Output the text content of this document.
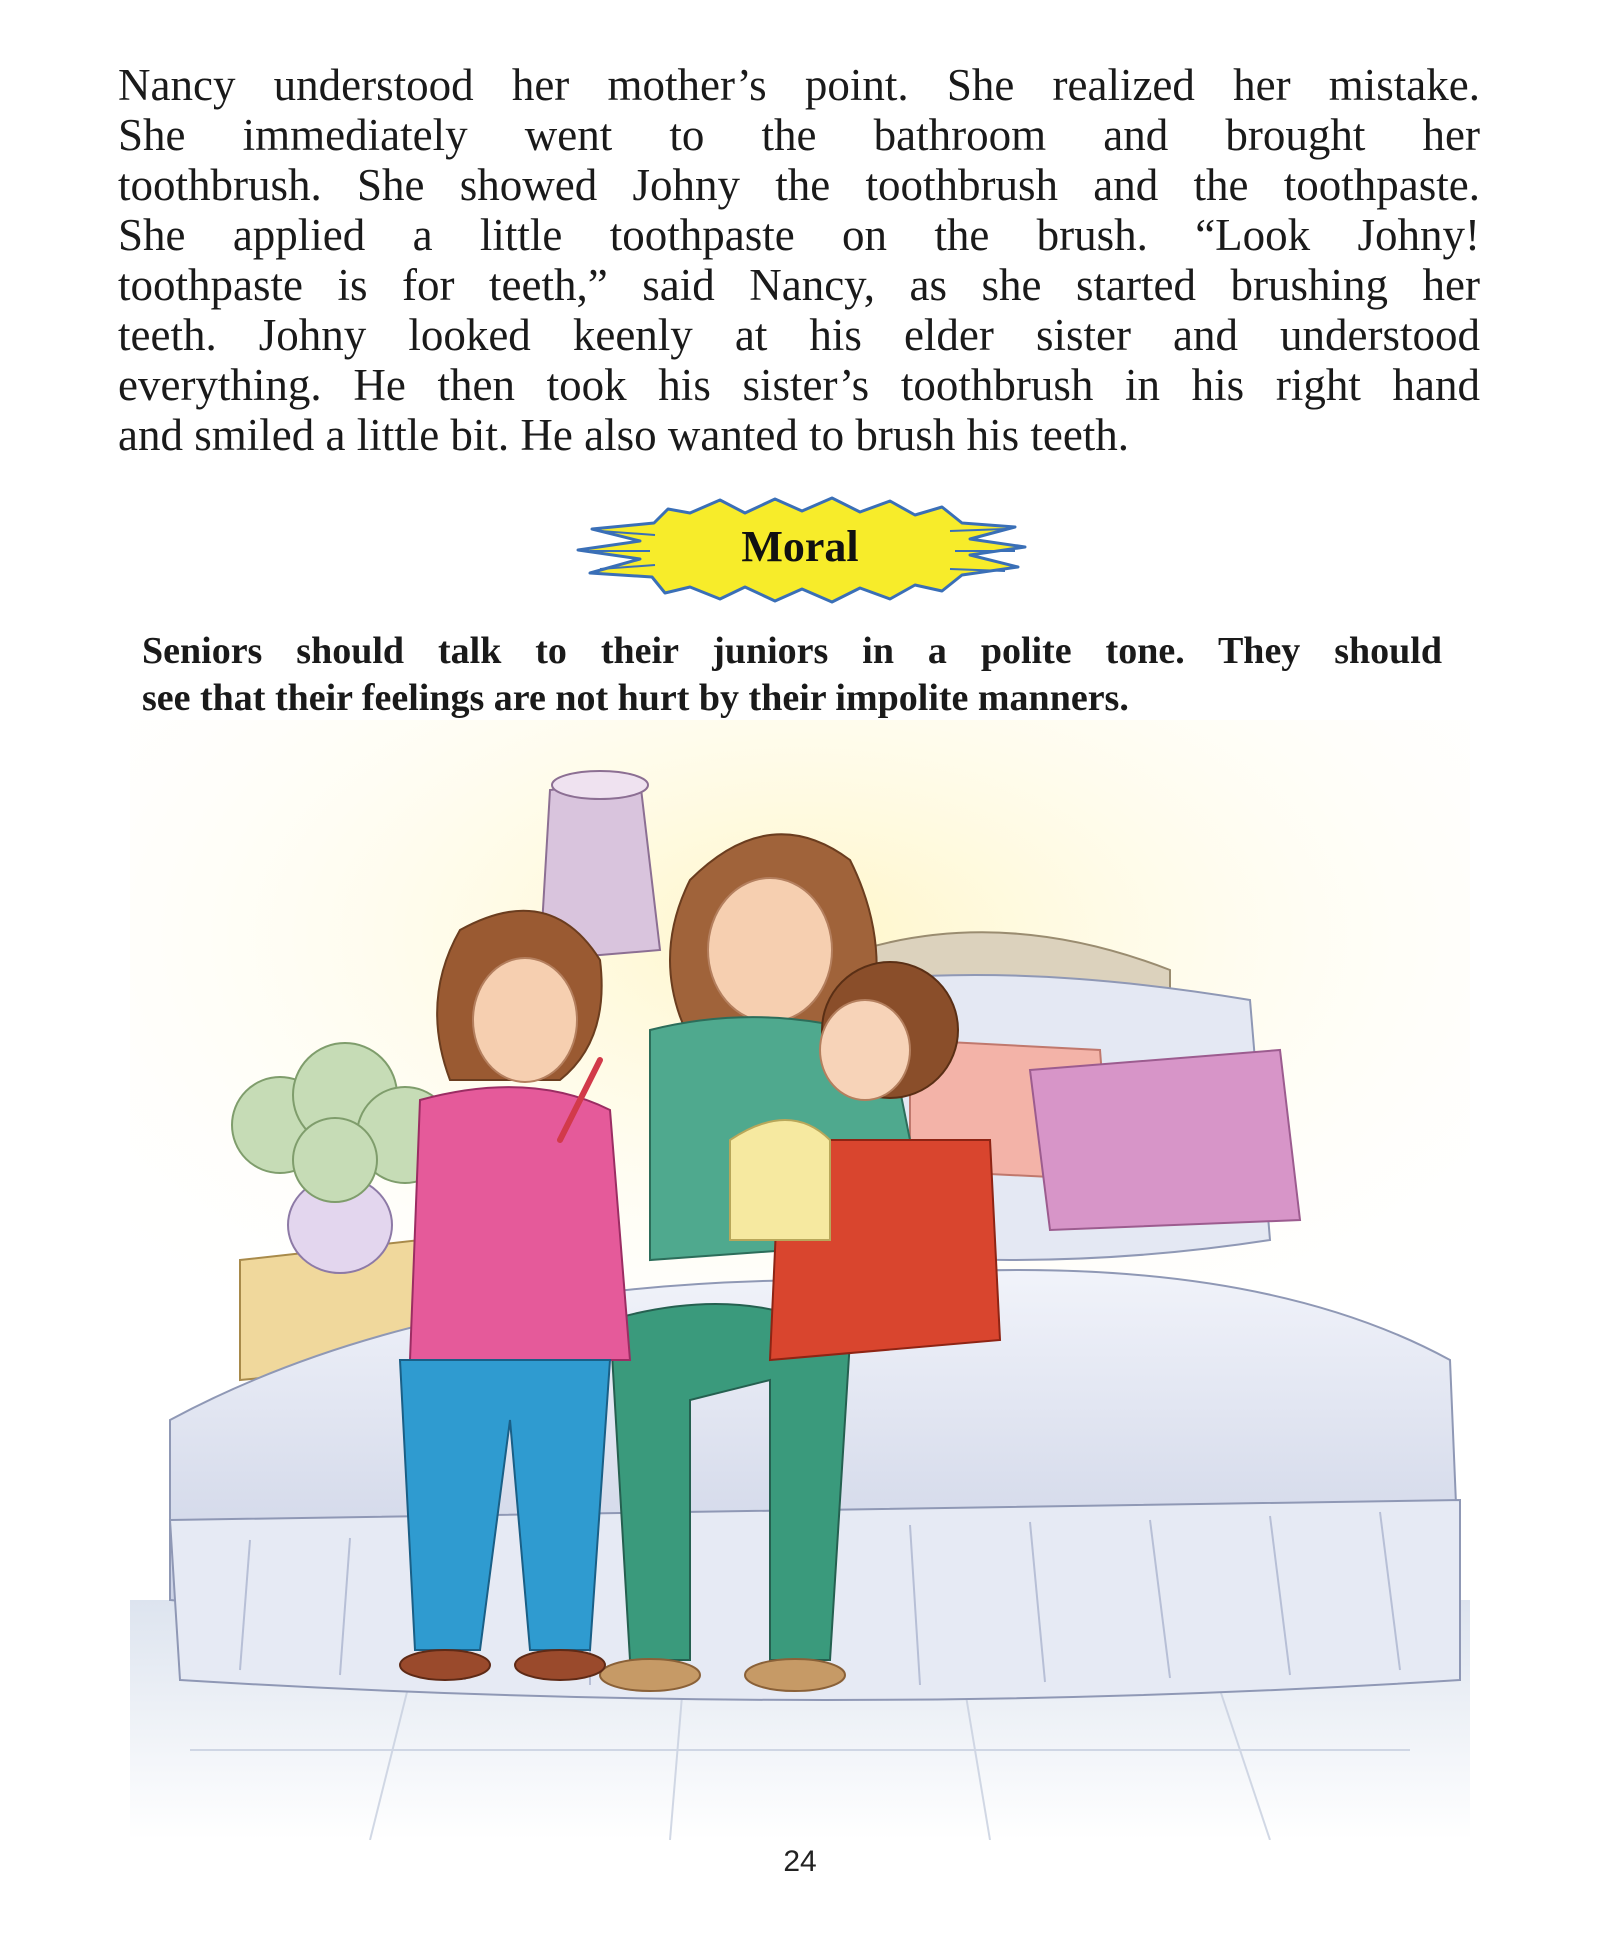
Nancy understood her mother’s point. She realized her mistake.
She immediately went to the bathroom and brought her
toothbrush. She showed Johny the toothbrush and the toothpaste.
She applied a little toothpaste on the brush. “Look Johny!
toothpaste is for teeth,” said Nancy, as she started brushing her
teeth. Johny looked keenly at his elder sister and understood
everything. He then took his sister’s toothbrush in his right hand
and smiled a little bit. He also wanted to brush his teeth.
Moral
Seniors should talk to their juniors in a polite tone. They should
see that their feelings are not hurt by their impolite manners.
24
